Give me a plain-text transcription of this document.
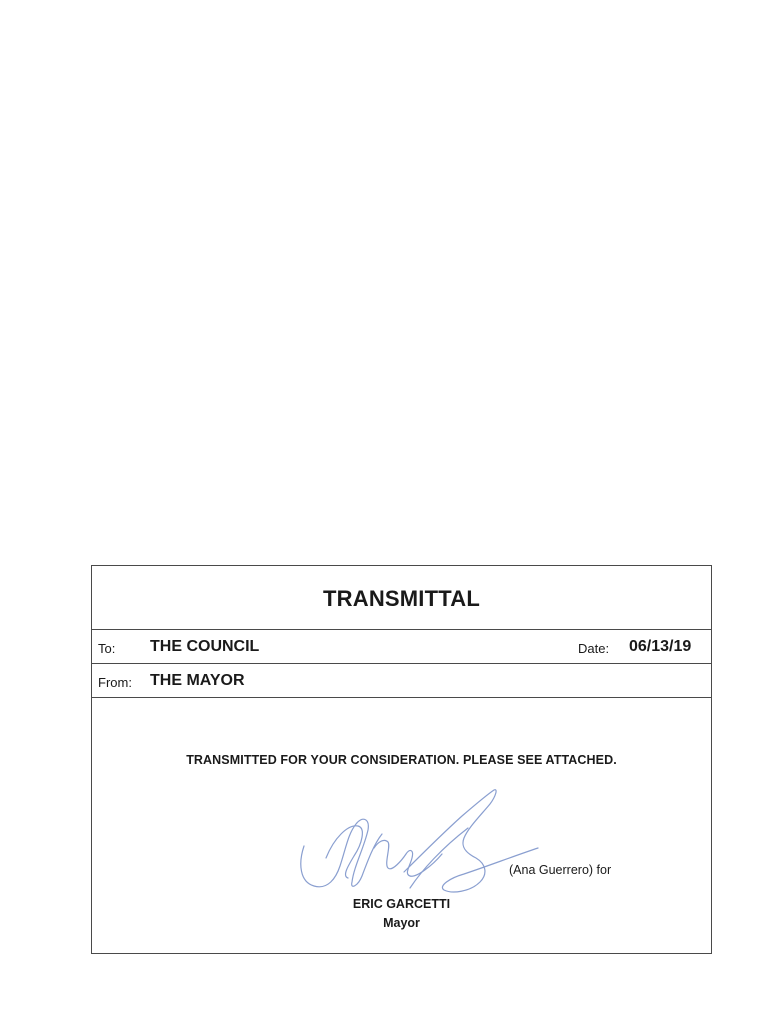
TRANSMITTAL
To: THE COUNCIL	Date: 06/13/19
From: THE MAYOR
TRANSMITTED FOR YOUR CONSIDERATION. PLEASE SEE ATTACHED.
(Ana Guerrero) for
ERIC GARCETTI
Mayor
